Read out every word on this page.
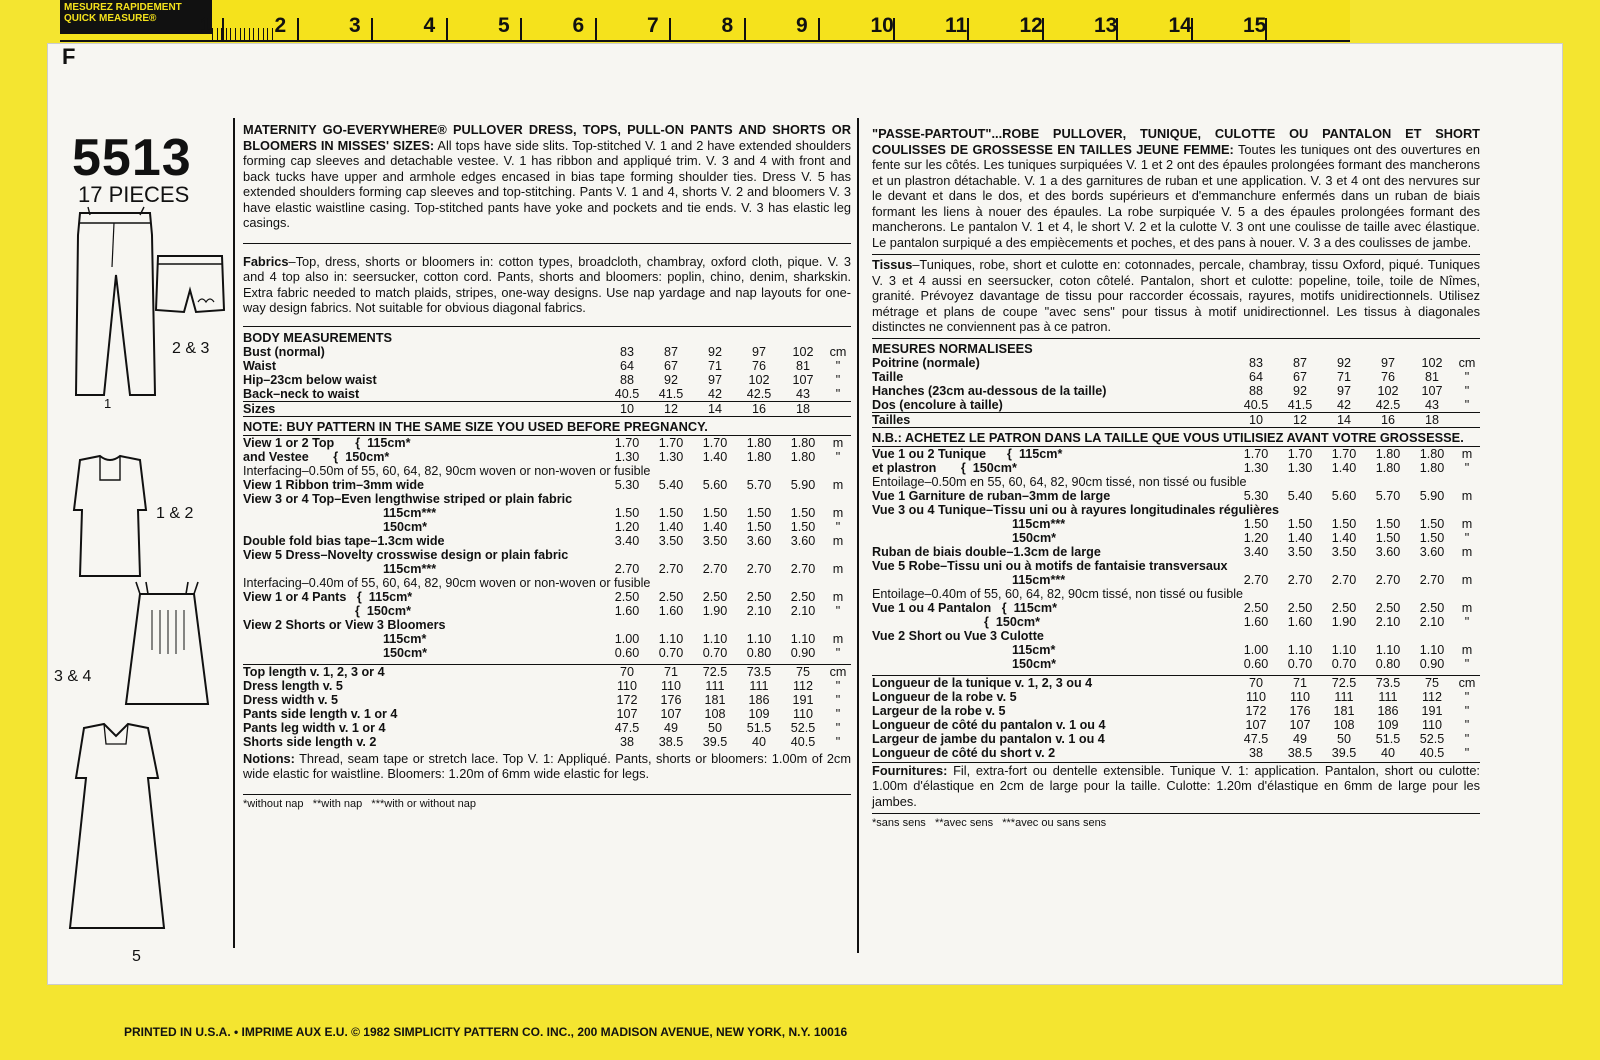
MESUREZ RAPIDEMENT
QUICK MEASURE®	1	2	3	4	5	6	7	8	9	10 11 12 13 14 15
F
5513
17 PIECES
2 & 3
1
1 & 2
3 & 4
5
MATERNITY GO-EVERYWHERE® PULLOVER DRESS, TOPS, PULL-ON PANTS AND SHORTS OR BLOOMERS IN MISSES' SIZES: All tops have side slits. Top-stitched V. 1 and 2 have extended shoulders forming cap sleeves and detachable vestee. V. 1 has ribbon and appliqué trim. V. 3 and 4 with front and back tucks have upper and armhole edges encased in bias tape forming shoulder ties. Dress V. 5 has extended shoulders forming cap sleeves and top-stitching. Pants V. 1 and 4, shorts V. 2 and bloomers V. 3 have elastic waistline casing. Top-stitched pants have yoke and pockets and tie ends. V. 3 has elastic leg casings.
Fabrics–Top, dress, shorts or bloomers in: cotton types, broadcloth, chambray, oxford cloth, pique. V. 3 and 4 top also in: seersucker, cotton cord. Pants, shorts and bloomers: poplin, chino, denim, sharkskin. Extra fabric needed to match plaids, stripes, one-way designs. Use nap yardage and nap layouts for one-way design fabrics. Not suitable for obvious diagonal fabrics.
BODY MEASUREMENTS
Bust (normal)	83	87	92	97	102	cm
Waist	64	67	71	76	81	"
Hip–23cm below waist	88	92	97	102	107	"
Back–neck to waist	40.5	41.5	42	42.5	43	"
Sizes	10	12	14	16	18	
NOTE: BUY PATTERN IN THE SAME SIZE YOU USED BEFORE PREGNANCY.
View 1 or 2 Top      {  115cm*	1.70	1.70	1.70	1.80	1.80	m
and Vestee       {  150cm*	1.30	1.30	1.40	1.80	1.80	"
Interfacing–0.50m of 55, 60, 64, 82, 90cm woven or non-woven or fusible						
View 1 Ribbon trim–3mm wide	5.30	5.40	5.60	5.70	5.90	m
View 3 or 4 Top–Even lengthwise striped or plain fabric						
115cm***	1.50	1.50	1.50	1.50	1.50	m
150cm*	1.20	1.40	1.40	1.50	1.50	"
Double fold bias tape–1.3cm wide	3.40	3.50	3.50	3.60	3.60	m
View 5 Dress–Novelty crosswise design or plain fabric						
115cm***	2.70	2.70	2.70	2.70	2.70	m
Interfacing–0.40m of 55, 60, 64, 82, 90cm woven or non-woven or fusible						
View 1 or 4 Pants   {  115cm*	2.50	2.50	2.50	2.50	2.50	m
{  150cm*	1.60	1.60	1.90	2.10	2.10	"
View 2 Shorts or View 3 Bloomers						
115cm*	1.00	1.10	1.10	1.10	1.10	m
150cm*	0.60	0.70	0.70	0.80	0.90	"
Top length v. 1, 2, 3 or 4	70	71	72.5	73.5	75	cm
Dress length v. 5	110	110	111	111	112	"
Dress width v. 5	172	176	181	186	191	"
Pants side length v. 1 or 4	107	107	108	109	110	"
Pants leg width v. 1 or 4	47.5	49	50	51.5	52.5	"
Shorts side length v. 2	38	38.5	39.5	40	40.5	"
Notions: Thread, seam tape or stretch lace. Top V. 1: Appliqué. Pants, shorts or bloomers: 1.00m of 2cm wide elastic for waistline. Bloomers: 1.20m of 6mm wide elastic for legs.
*without nap   **with nap   ***with or without nap
"PASSE-PARTOUT"...ROBE PULLOVER, TUNIQUE, CULOTTE OU PANTALON ET SHORT COULISSES DE GROSSESSE EN TAILLES JEUNE FEMME: Toutes les tuniques ont des ouvertures en fente sur les côtés. Les tuniques surpiquées V. 1 et 2 ont des épaules prolongées formant des mancherons et un plastron détachable. V. 1 a des garnitures de ruban et une application. V. 3 et 4 ont des nervures sur le devant et dans le dos, et des bords supérieurs et d'emmanchure enfermés dans un ruban de biais formant les liens à nouer des épaules. La robe surpiquée V. 5 a des épaules prolongées formant des mancherons. Le pantalon V. 1 et 4, le short V. 2 et la culotte V. 3 ont une coulisse de taille avec élastique. Le pantalon surpiqué a des empiècements et poches, et des pans à nouer. V. 3 a des coulisses de jambe.
Tissus–Tuniques, robe, short et culotte en: cotonnades, percale, chambray, tissu Oxford, piqué. Tuniques V. 3 et 4 aussi en seersucker, coton côtelé. Pantalon, short et culotte: popeline, toile, toile de Nîmes, granité. Prévoyez davantage de tissu pour raccorder écossais, rayures, motifs unidirectionnels. Utilisez métrage et plans de coupe "avec sens" pour tissus à motif unidirectionnel. Les tissus à diagonales distinctes ne conviennent pas à ce patron.
MESURES NORMALISEES
Poitrine (normale)	83	87	92	97	102	cm
Taille	64	67	71	76	81	"
Hanches (23cm au-dessous de la taille)	88	92	97	102	107	"
Dos (encolure à taille)	40.5	41.5	42	42.5	43	"
Tailles	10	12	14	16	18	
N.B.: ACHETEZ LE PATRON DANS LA TAILLE QUE VOUS UTILISIEZ AVANT VOTRE GROSSESSE.
Vue 1 ou 2 Tunique      {  115cm*	1.70	1.70	1.70	1.80	1.80	m
et plastron       {  150cm*	1.30	1.30	1.40	1.80	1.80	"
Entoilage–0.50m en 55, 60, 64, 82, 90cm tissé, non tissé ou fusible						
Vue 1 Garniture de ruban–3mm de large	5.30	5.40	5.60	5.70	5.90	m
Vue 3 ou 4 Tunique–Tissu uni ou à rayures longitudinales régulières						
115cm***	1.50	1.50	1.50	1.50	1.50	m
150cm*	1.20	1.40	1.40	1.50	1.50	"
Ruban de biais double–1.3cm de large	3.40	3.50	3.50	3.60	3.60	m
Vue 5 Robe–Tissu uni ou à motifs de fantaisie transversaux						
115cm***	2.70	2.70	2.70	2.70	2.70	m
Entoilage–0.40m of 55, 60, 64, 82, 90cm tissé, non tissé ou fusible						
Vue 1 ou 4 Pantalon   {  115cm*	2.50	2.50	2.50	2.50	2.50	m
{  150cm*	1.60	1.60	1.90	2.10	2.10	"
Vue 2 Short ou Vue 3 Culotte						
115cm*	1.00	1.10	1.10	1.10	1.10	m
150cm*	0.60	0.70	0.70	0.80	0.90	"
Longueur de la tunique v. 1, 2, 3 ou 4	70	71	72.5	73.5	75	cm
Longueur de la robe v. 5	110	110	111	111	112	"
Largeur de la robe v. 5	172	176	181	186	191	"
Longueur de côté du pantalon v. 1 ou 4	107	107	108	109	110	"
Largeur de jambe du pantalon v. 1 ou 4	47.5	49	50	51.5	52.5	"
Longueur de côté du short v. 2	38	38.5	39.5	40	40.5	"
Fournitures: Fil, extra-fort ou dentelle extensible. Tunique V. 1: application. Pantalon, short ou culotte: 1.00m d'élastique en 2cm de large pour la taille. Culotte: 1.20m d'élastique en 6mm de large pour les jambes.
*sans sens   **avec sens   ***avec ou sans sens
PRINTED IN U.S.A. • IMPRIME AUX E.U. © 1982 SIMPLICITY PATTERN CO. INC., 200 MADISON AVENUE, NEW YORK, N.Y. 10016
